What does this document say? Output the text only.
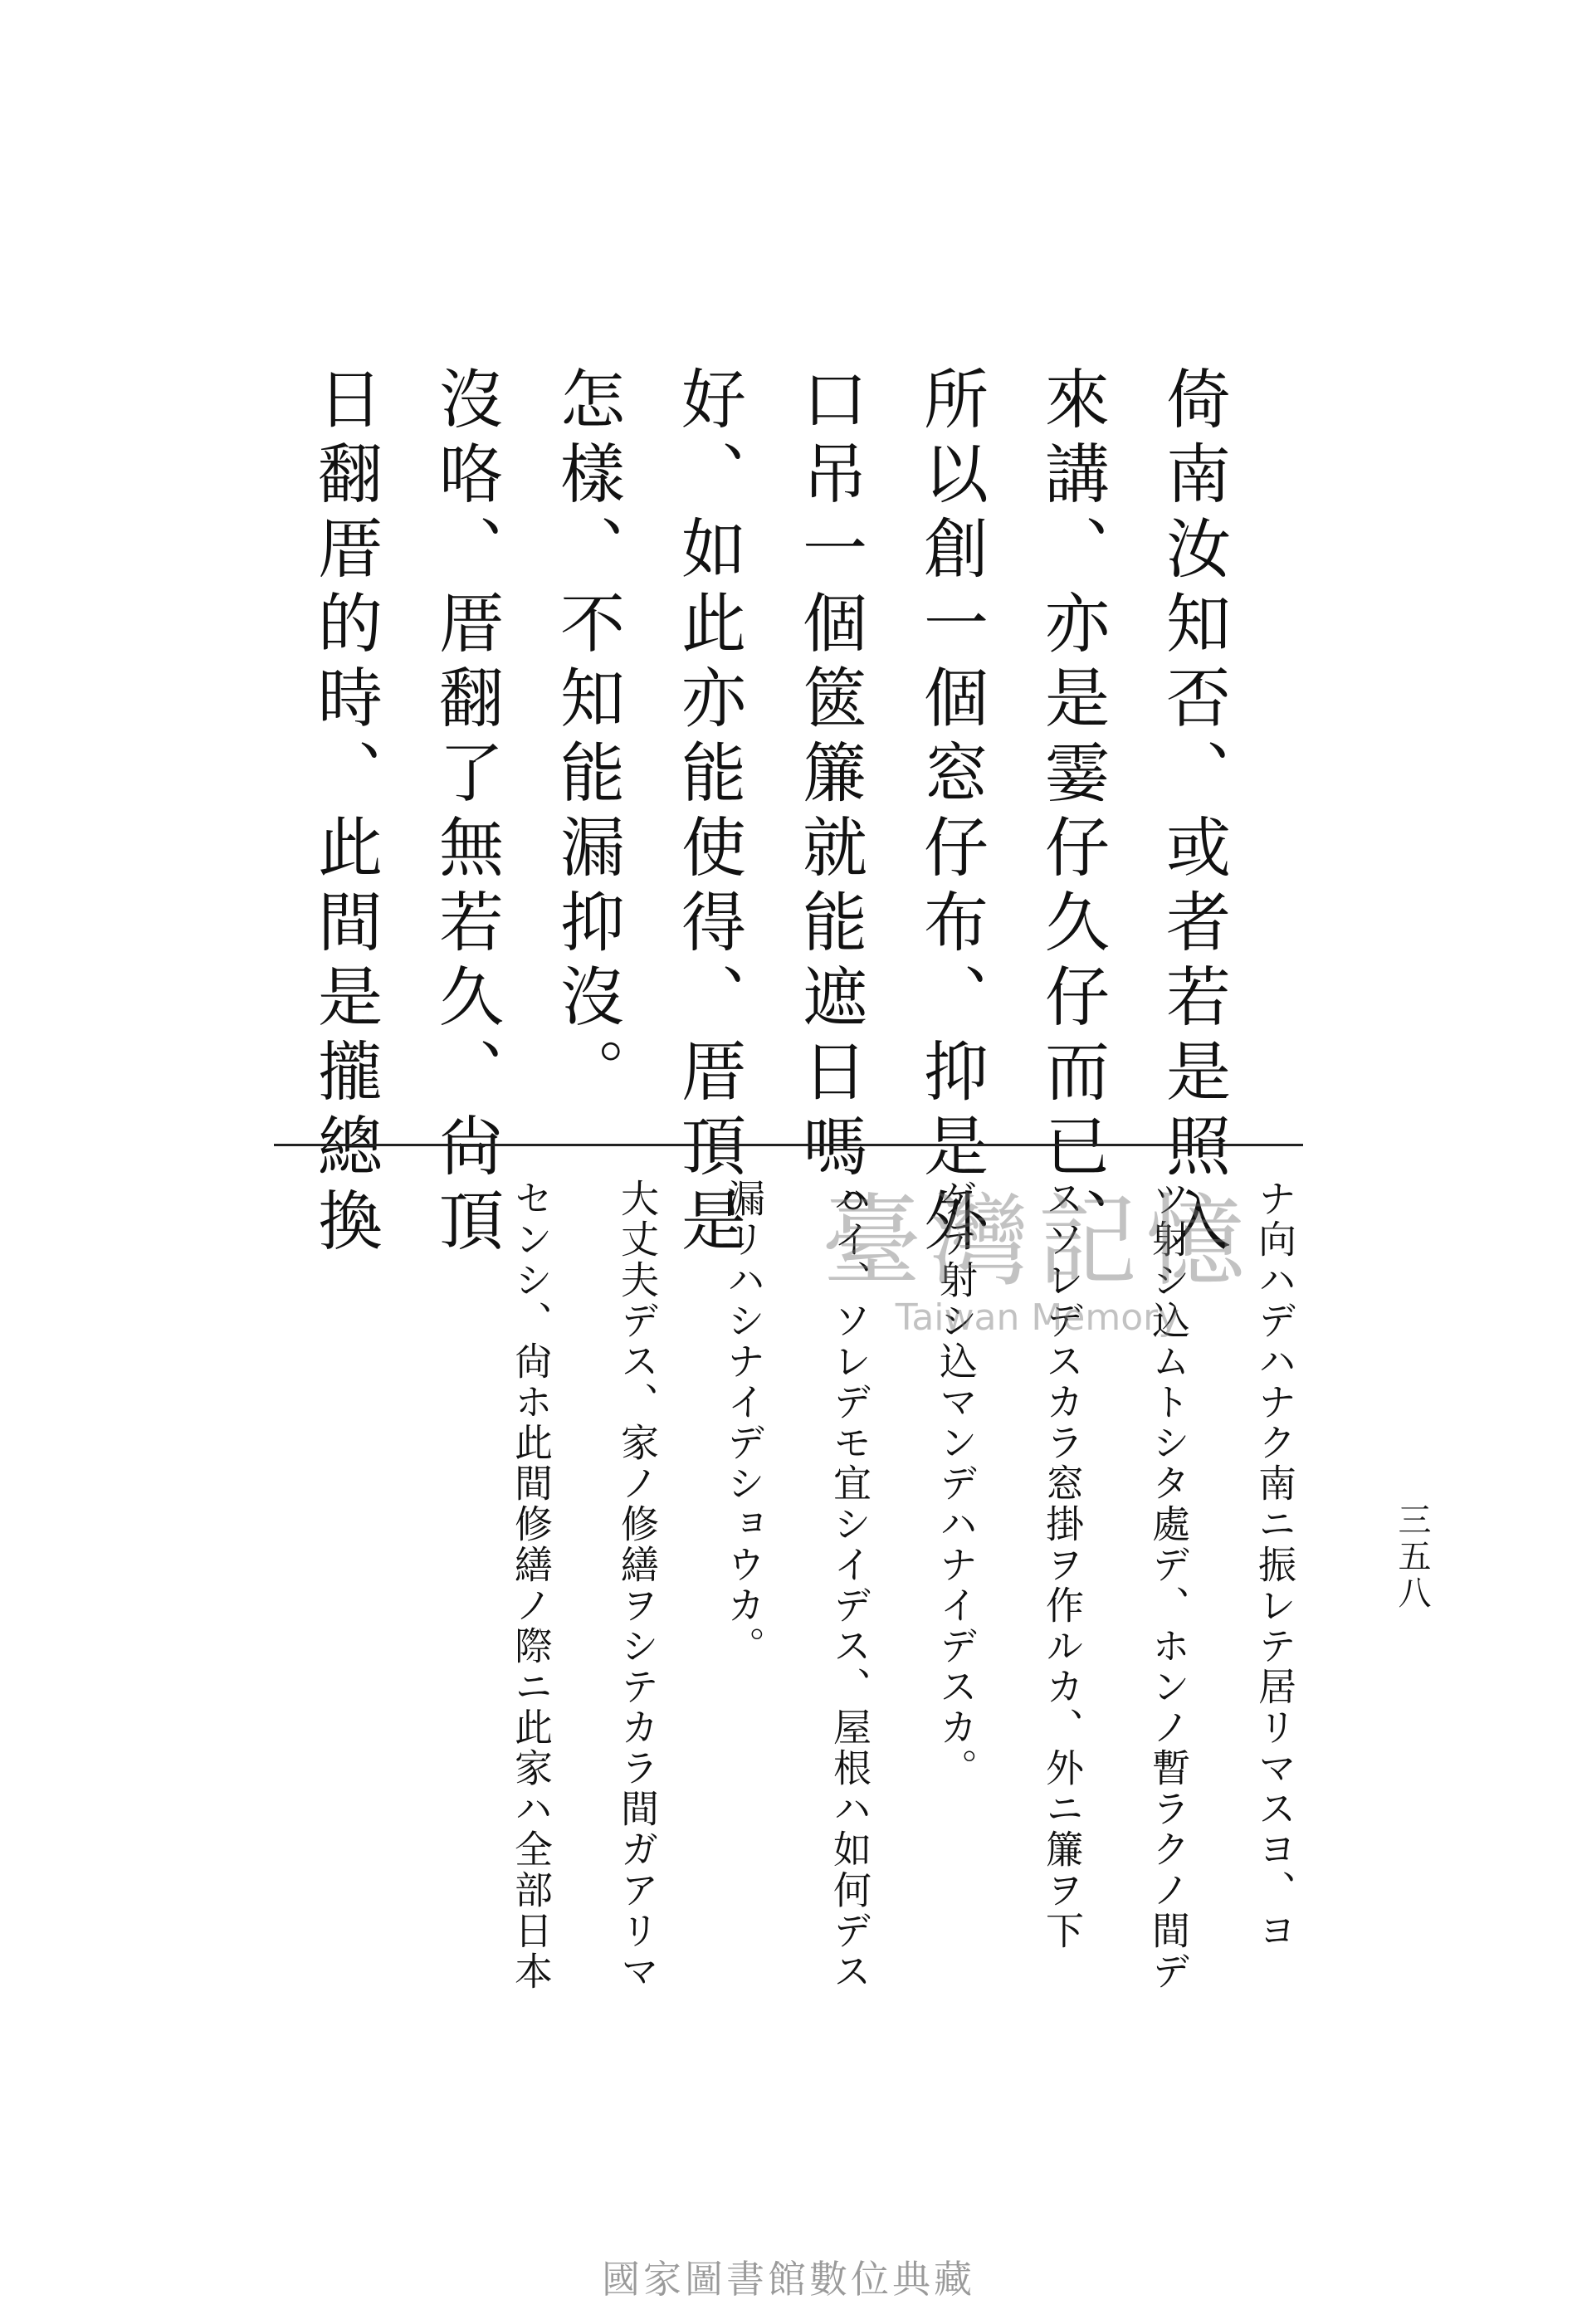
三五八
倚南汝知否、或者若是照入
來講、亦是霎仔久仔而已、
所以創一個窓仔布、抑是外
口吊一個篋簾就能遮日嗎。
好、如此亦能使得、厝頂是
怎樣、不知能漏抑沒。
沒咯、厝翻了無若久、尙頂
日翻厝的時、此間是攏總換
ナ向ハデハナク南ニ振レテ居リマスヨ、ヨ
ツ射シ込ムトシタ處デ、ホンノ暫ラクノ間デ
スソレデスカラ窓掛ヲ作ルカ、外ニ簾ヲ下
ゲテ射シ込マンデハナイデスカ。
ハイ、ソレデモ宜シイデス、屋根ハ如何デス
漏リハシナイデショウカ。
大丈夫デス、家ノ修繕ヲシテカラ間ガアリマ
センシ、尙ホ此間修繕ノ際ニ此家ハ全部日本	臺灣記憶
Taiwan Memory
國家圖書館數位典藏
